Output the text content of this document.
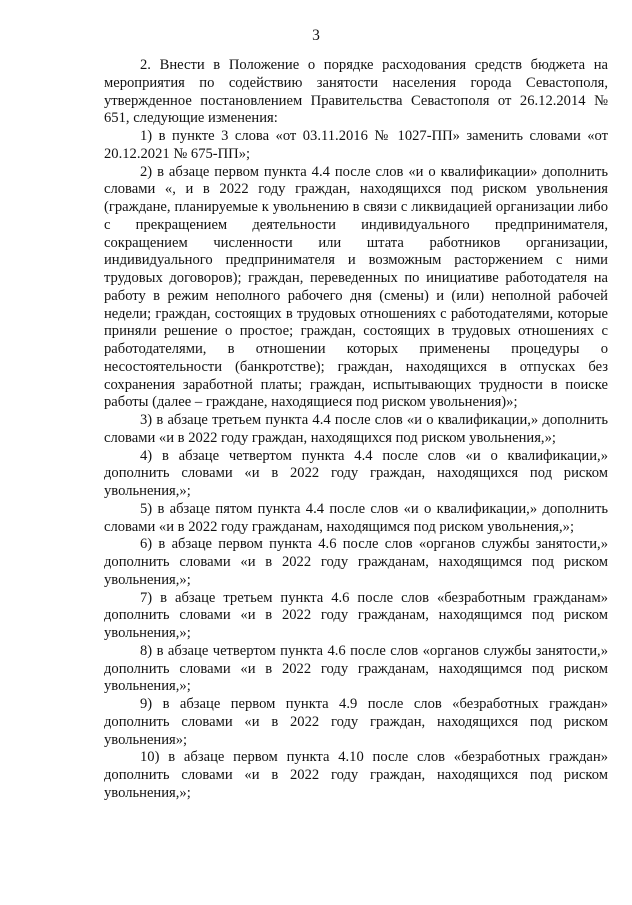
3

2. Внести в Положение о порядке расходования средств бюджета на мероприятия по содействию занятости населения города Севастополя, утвержденное постановлением Правительства Севастополя от 26.12.2014 № 651, следующие изменения:

1) в пункте 3 слова «от 03.11.2016 № 1027-ПП» заменить словами «от 20.12.2021 № 675-ПП»;

2) в абзаце первом пункта 4.4 после слов «и о квалификации» дополнить словами «, и в 2022 году граждан, находящихся под риском увольнения (граждане, планируемые к увольнению в связи с ликвидацией организации либо с прекращением деятельности индивидуального предпринимателя, сокращением численности или штата работников организации, индивидуального предпринимателя и возможным расторжением с ними трудовых договоров); граждан, переведенных по инициативе работодателя на работу в режим неполного рабочего дня (смены) и (или) неполной рабочей недели; граждан, состоящих в трудовых отношениях с работодателями, которые приняли решение о простое; граждан, состоящих в трудовых отношениях с работодателями, в отношении которых применены процедуры о несостоятельности (банкротстве); граждан, находящихся в отпусках без сохранения заработной платы; граждан, испытывающих трудности в поиске работы (далее – граждане, находящиеся под риском увольнения)»;

3) в абзаце третьем пункта 4.4 после слов «и о квалификации,» дополнить словами «и в 2022 году граждан, находящихся под риском увольнения,»;

4) в абзаце четвертом пункта 4.4 после слов «и о квалификации,» дополнить словами «и в 2022 году граждан, находящихся под риском увольнения,»;

5) в абзаце пятом пункта 4.4 после слов «и о квалификации,» дополнить словами «и в 2022 году гражданам, находящимся под риском увольнения,»;

6) в абзаце первом пункта 4.6 после слов «органов службы занятости,» дополнить словами «и в 2022 году гражданам, находящимся под риском увольнения,»;

7) в абзаце третьем пункта 4.6 после слов «безработным гражданам» дополнить словами «и в 2022 году гражданам, находящимся под риском увольнения,»;

8) в абзаце четвертом пункта 4.6 после слов «органов службы занятости,» дополнить словами «и в 2022 году гражданам, находящимся под риском увольнения,»;

9) в абзаце первом пункта 4.9 после слов «безработных граждан» дополнить словами «и в 2022 году граждан, находящихся под риском увольнения»;

10) в абзаце первом пункта 4.10 после слов «безработных граждан» дополнить словами «и в 2022 году граждан, находящихся под риском увольнения,»;
